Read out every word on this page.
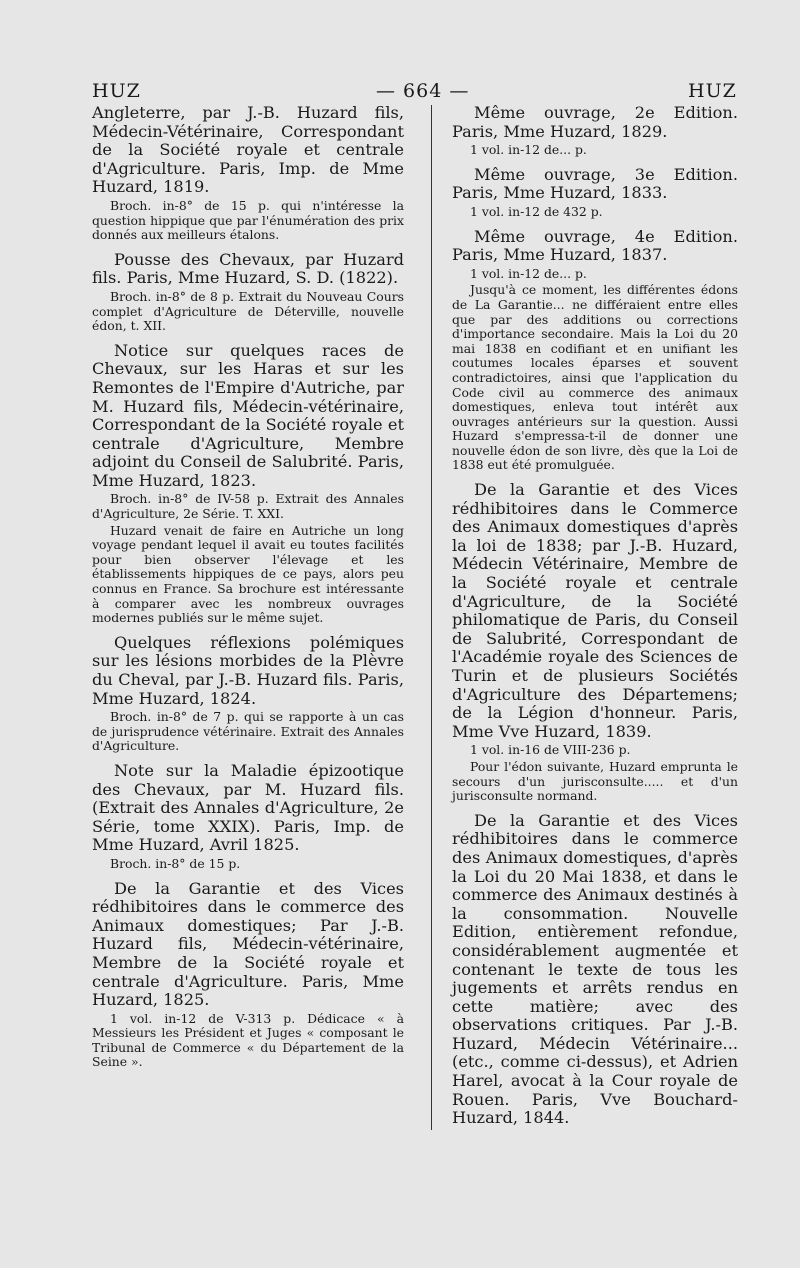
HUZ	— 664 —	HUZ

Angleterre, par J.-B. Huzard fils, Médecin-Vétérinaire, Correspondant de la Société royale et centrale d'Agriculture. Paris, Imp. de Mme Huzard, 1819.

Broch. in-8° de 15 p. qui n'intéresse la question hippique que par l'énumération des prix donnés aux meilleurs étalons.

Pousse des Chevaux, par Huzard fils. Paris, Mme Huzard, S. D. (1822).

Broch. in-8° de 8 p. Extrait du Nouveau Cours complet d'Agriculture de Déterville, nouvelle édon, t. XII.

Notice sur quelques races de Chevaux, sur les Haras et sur les Remontes de l'Empire d'Autriche, par M. Huzard fils, Médecin-vétérinaire, Correspondant de la Société royale et centrale d'Agriculture, Membre adjoint du Conseil de Salubrité. Paris, Mme Huzard, 1823.

Broch. in-8° de IV-58 p. Extrait des Annales d'Agriculture, 2e Série. T. XXI.

Huzard venait de faire en Autriche un long voyage pendant lequel il avait eu toutes facilités pour bien observer l'élevage et les établissements hippiques de ce pays, alors peu connus en France. Sa brochure est intéressante à comparer avec les nombreux ouvrages modernes publiés sur le même sujet.

Quelques réflexions polémiques sur les lésions morbides de la Plèvre du Cheval, par J.-B. Huzard fils. Paris, Mme Huzard, 1824.

Broch. in-8° de 7 p. qui se rapporte à un cas de jurisprudence vétérinaire. Extrait des Annales d'Agriculture.

Note sur la Maladie épizootique des Chevaux, par M. Huzard fils. (Extrait des Annales d'Agriculture, 2e Série, tome XXIX). Paris, Imp. de Mme Huzard, Avril 1825.

Broch. in-8° de 15 p.

De la Garantie et des Vices rédhibitoires dans le commerce des Animaux domestiques; Par J.-B. Huzard fils, Médecin-vétérinaire, Membre de la Société royale et centrale d'Agriculture. Paris, Mme Huzard, 1825.

1 vol. in-12 de V-313 p. Dédicace « à Messieurs les Président et Juges « composant le Tribunal de Commerce « du Département de la Seine ».

Même ouvrage, 2e Edition. Paris, Mme Huzard, 1829.

1 vol. in-12 de... p.

Même ouvrage, 3e Edition. Paris, Mme Huzard, 1833.

1 vol. in-12 de 432 p.

Même ouvrage, 4e Edition. Paris, Mme Huzard, 1837.

1 vol. in-12 de... p.

Jusqu'à ce moment, les différentes édons de La Garantie... ne différaient entre elles que par des additions ou corrections d'importance secondaire. Mais la Loi du 20 mai 1838 en codifiant et en unifiant les coutumes locales éparses et souvent contradictoires, ainsi que l'application du Code civil au commerce des animaux domestiques, enleva tout intérêt aux ouvrages antérieurs sur la question. Aussi Huzard s'empressa-t-il de donner une nouvelle édon de son livre, dès que la Loi de 1838 eut été promulguée.

De la Garantie et des Vices rédhibitoires dans le Commerce des Animaux domestiques d'après la loi de 1838; par J.-B. Huzard, Médecin Vétérinaire, Membre de la Société royale et centrale d'Agriculture, de la Société philomatique de Paris, du Conseil de Salubrité, Correspondant de l'Académie royale des Sciences de Turin et de plusieurs Sociétés d'Agriculture des Départemens; de la Légion d'honneur. Paris, Mme Vve Huzard, 1839.

1 vol. in-16 de VIII-236 p.

Pour l'édon suivante, Huzard emprunta le secours d'un jurisconsulte..... et d'un jurisconsulte normand.

De la Garantie et des Vices rédhibitoires dans le commerce des Animaux domestiques, d'après la Loi du 20 Mai 1838, et dans le commerce des Animaux destinés à la consommation. Nouvelle Edition, entièrement refondue, considérablement augmentée et contenant le texte de tous les jugements et arrêts rendus en cette matière; avec des observations critiques. Par J.-B. Huzard, Médecin Vétérinaire... (etc., comme ci-dessus), et Adrien Harel, avocat à la Cour royale de Rouen. Paris, Vve Bouchard-Huzard, 1844.
